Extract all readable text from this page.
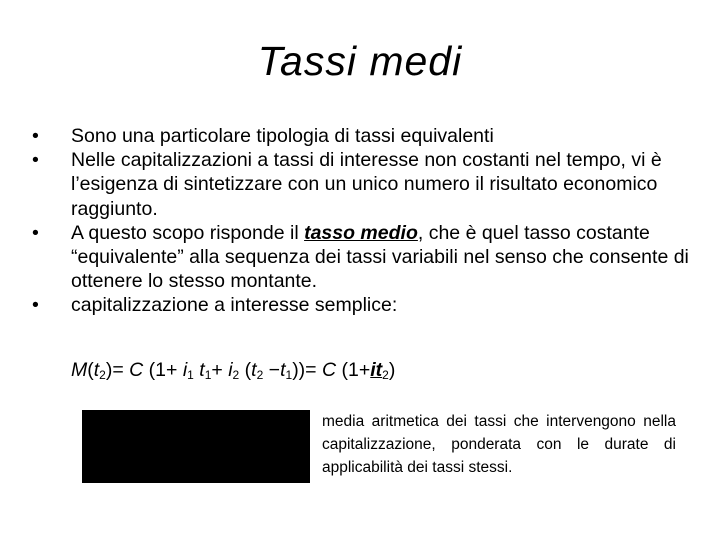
Tassi medi
• Sono una particolare tipologia di tassi equivalenti
• Nelle capitalizzazioni a tassi di interesse non costanti nel tempo, vi è l’esigenza di sintetizzare con un unico numero il risultato economico raggiunto.
• A questo scopo risponde il tasso medio, che è quel tasso costante “equivalente” alla sequenza dei tassi variabili nel senso che consente di ottenere lo stesso montante.
• capitalizzazione a interesse semplice:
$M(t_2)= C$ ($1+ i_1$ $t_1+ i_2$ $(t_2 -t_1))= C$ $(1+it_2)$
media aritmetica dei tassi che intervengono nella capitalizzazione, ponderata con le durate di applicabilità dei tassi stessi.
